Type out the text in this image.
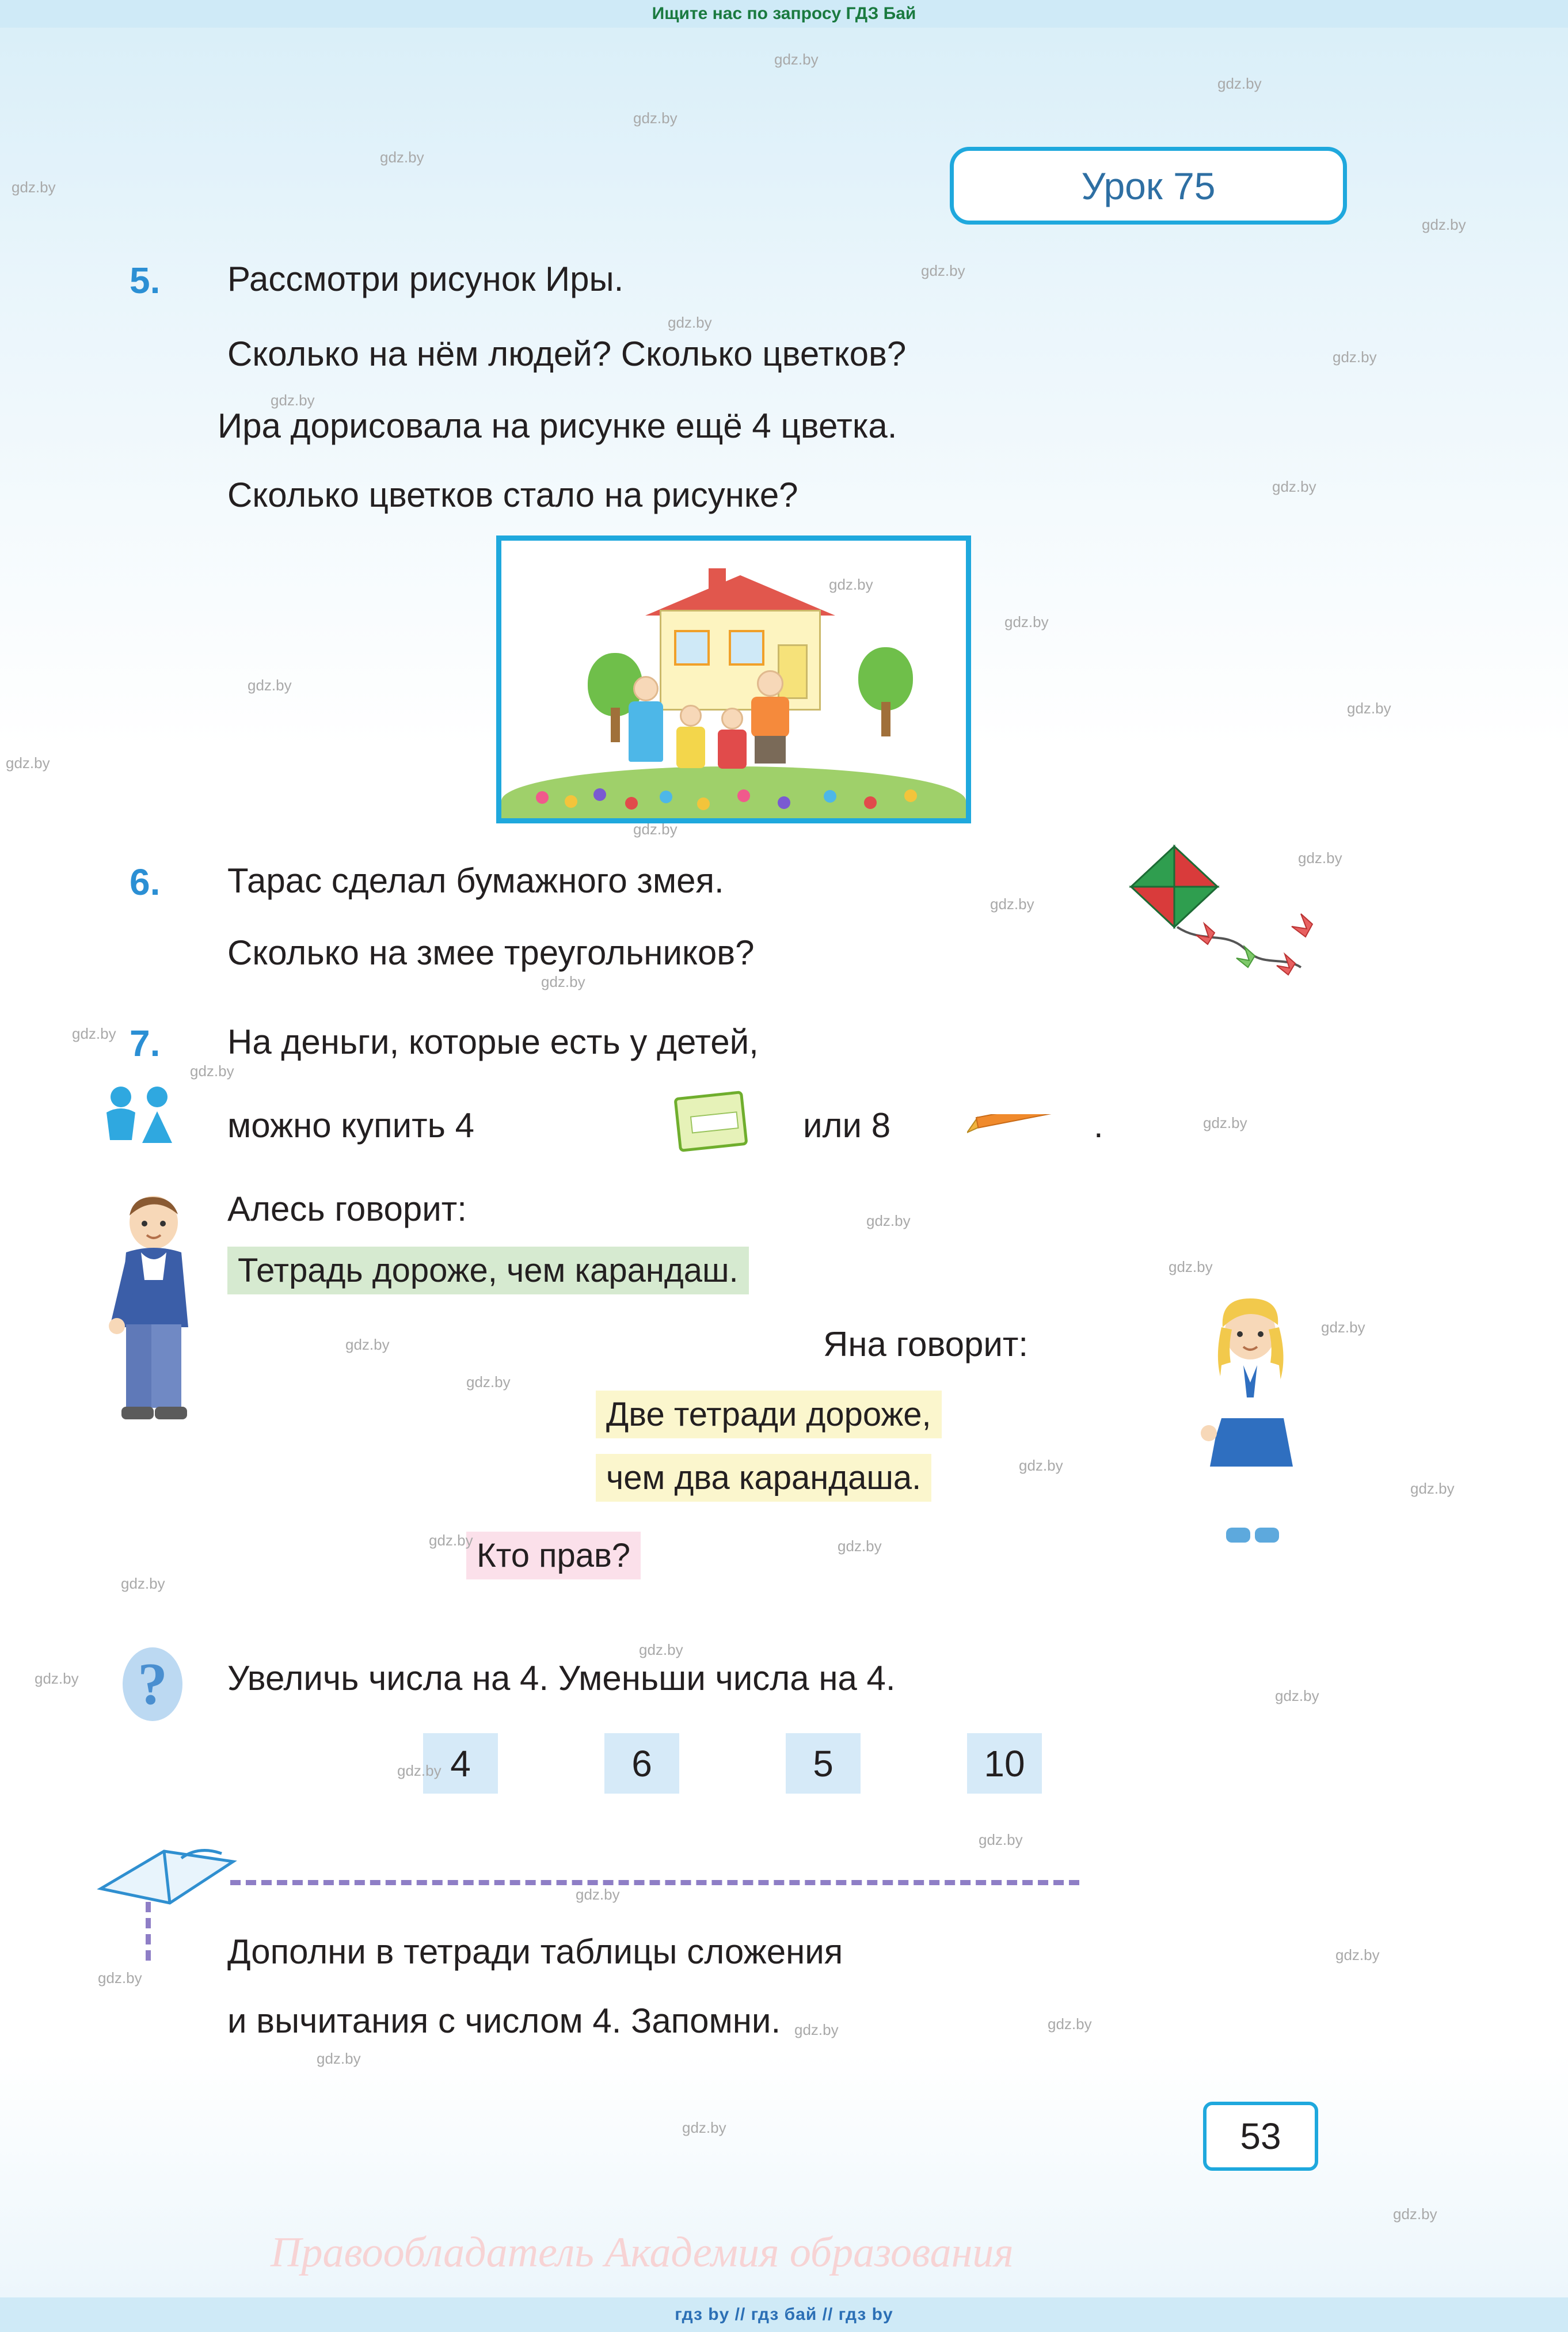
Ищите нас по запросу ГДЗ Бай
Урок 75
5. Рассмотри рисунок Иры.
Сколько на нём людей? Сколько цветков?
Ира дорисовала на рисунке ещё 4 цветка.
Сколько цветков стало на рисунке?
6. Тарас сделал бумажного змея.
Сколько на змее треугольников?
7. На деньги, которые есть у детей,
можно купить 4	или 8	.
Алесь говорит:
Тетрадь дороже, чем карандаш.
Яна говорит:
Две тетради дороже,
чем два карандаша.
Кто прав?
? Увеличь числа на 4. Уменьши числа на 4.
4	6	5	10
Дополни в тетради таблицы сложения
и вычитания с числом 4. Запомни.
53
Правообладатель Академия образования
gdz.by
gdz.by
gdz.by
gdz.by
gdz.by
gdz.by
gdz.by
gdz.by
gdz.by
gdz.by
gdz.by
gdz.by
gdz.by
gdz.by
gdz.by
gdz.by
gdz.by
gdz.by
gdz.by
gdz.by
gdz.by
gdz.by
gdz.by
gdz.by
gdz.by
gdz.by
gdz.by
gdz.by
gdz.by
gdz.by
gdz.by
gdz.by
gdz.by
gdz.by
gdz.by
gdz.by
gdz.by
gdz.by
gdz.by
gdz.by
gdz.by
gdz.by	gdz.by
gdz.by
gdz.by
gdz.by
гдз by // гдз бай // гдз by
